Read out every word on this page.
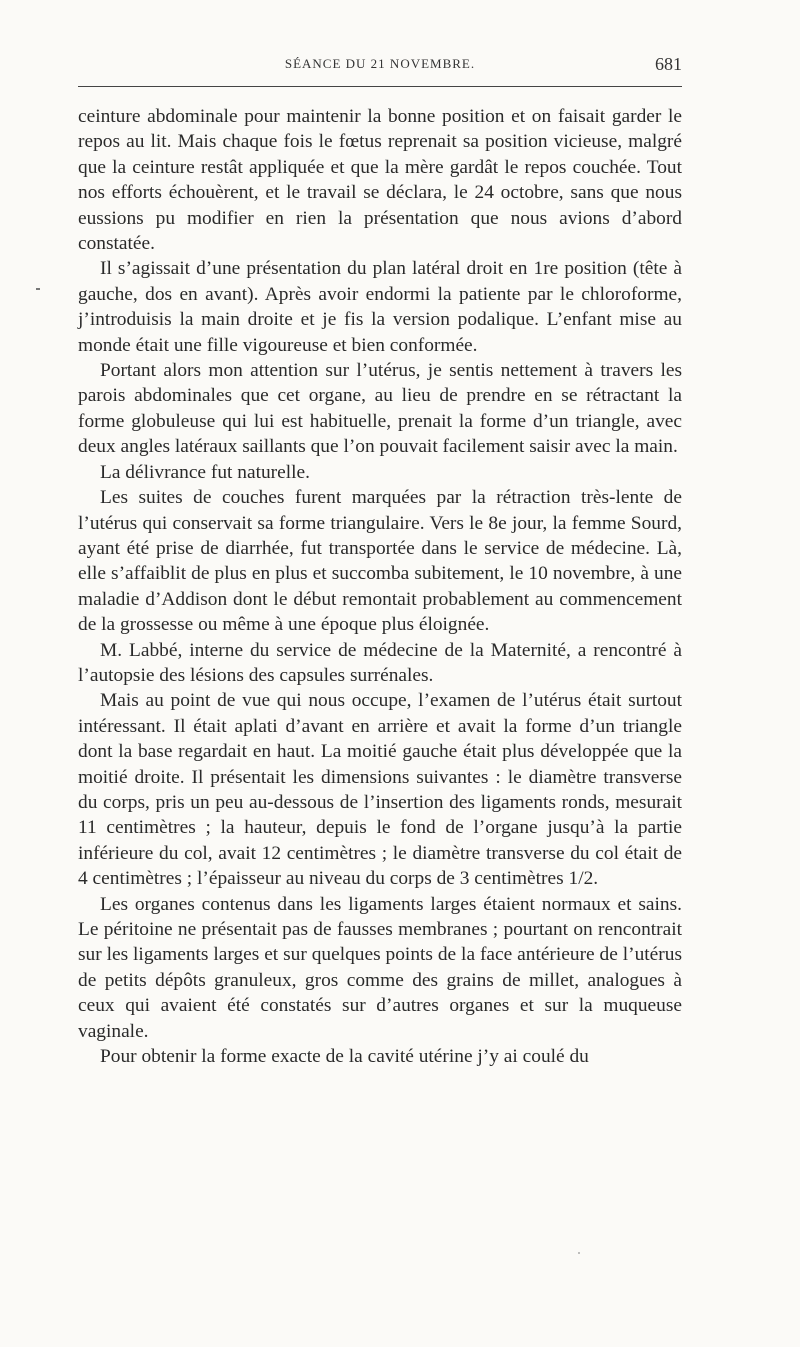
SÉANCE DU 21 NOVEMBRE.	681

ceinture abdominale pour maintenir la bonne position et on faisait garder le repos au lit. Mais chaque fois le fœtus reprenait sa position vicieuse, malgré que la ceinture restât appliquée et que la mère gardât le repos couchée. Tout nos efforts échouèrent, et le travail se déclara, le 24 octobre, sans que nous eussions pu modifier en rien la présentation que nous avions d’abord constatée.

Il s’agissait d’une présentation du plan latéral droit en 1re position (tête à gauche, dos en avant). Après avoir endormi la patiente par le chloroforme, j’introduisis la main droite et je fis la version podalique. L’enfant mise au monde était une fille vigoureuse et bien conformée.

Portant alors mon attention sur l’utérus, je sentis nettement à travers les parois abdominales que cet organe, au lieu de prendre en se rétractant la forme globuleuse qui lui est habituelle, prenait la forme d’un triangle, avec deux angles latéraux saillants que l’on pouvait facilement saisir avec la main.

La délivrance fut naturelle.

Les suites de couches furent marquées par la rétraction très-lente de l’utérus qui conservait sa forme triangulaire. Vers le 8e jour, la femme Sourd, ayant été prise de diarrhée, fut transportée dans le service de médecine. Là, elle s’affaiblit de plus en plus et succomba subitement, le 10 novembre, à une maladie d’Addison dont le début remontait probablement au commencement de la grossesse ou même à une époque plus éloignée.

M. Labbé, interne du service de médecine de la Maternité, a rencontré à l’autopsie des lésions des capsules surrénales.

Mais au point de vue qui nous occupe, l’examen de l’utérus était surtout intéressant. Il était aplati d’avant en arrière et avait la forme d’un triangle dont la base regardait en haut. La moitié gauche était plus développée que la moitié droite. Il présentait les dimensions suivantes : le diamètre transverse du corps, pris un peu au-dessous de l’insertion des ligaments ronds, mesurait 11 centimètres ; la hauteur, depuis le fond de l’organe jusqu’à la partie inférieure du col, avait 12 centimètres ; le diamètre transverse du col était de 4 centimètres ; l’épaisseur au niveau du corps de 3 centimètres 1/2.

Les organes contenus dans les ligaments larges étaient normaux et sains. Le péritoine ne présentait pas de fausses membranes ; pourtant on rencontrait sur les ligaments larges et sur quelques points de la face antérieure de l’utérus de petits dépôts granuleux, gros comme des grains de millet, analogues à ceux qui avaient été constatés sur d’autres organes et sur la muqueuse vaginale.

Pour obtenir la forme exacte de la cavité utérine j’y ai coulé du
